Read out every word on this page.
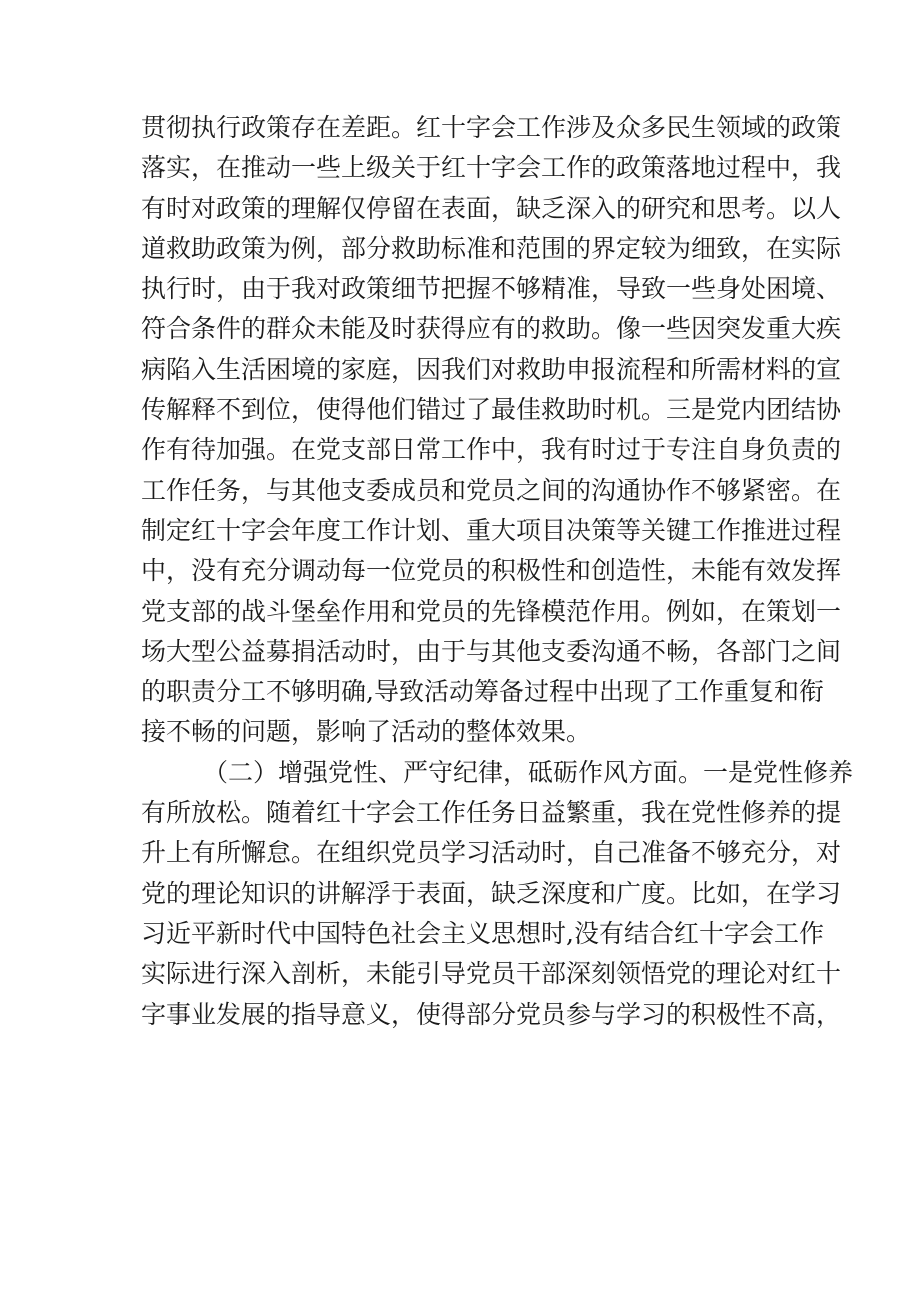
贯彻执行政策存在差距。红十字会工作涉及众多民生领域的政策
落实，在推动一些上级关于红十字会工作的政策落地过程中，我
有时对政策的理解仅停留在表面，缺乏深入的研究和思考。以人
道救助政策为例，部分救助标准和范围的界定较为细致，在实际
执行时，由于我对政策细节把握不够精准，导致一些身处困境、
符合条件的群众未能及时获得应有的救助。像一些因突发重大疾
病陷入生活困境的家庭，因我们对救助申报流程和所需材料的宣
传解释不到位，使得他们错过了最佳救助时机。三是党内团结协
作有待加强。在党支部日常工作中，我有时过于专注自身负责的
工作任务，与其他支委成员和党员之间的沟通协作不够紧密。在
制定红十字会年度工作计划、重大项目决策等关键工作推进过程
中，没有充分调动每一位党员的积极性和创造性，未能有效发挥
党支部的战斗堡垒作用和党员的先锋模范作用。例如，在策划一
场大型公益募捐活动时，由于与其他支委沟通不畅，各部门之间
的职责分工不够明确,导致活动筹备过程中出现了工作重复和衔
接不畅的问题，影响了活动的整体效果。
（二）增强党性、严守纪律，砥砺作风方面。一是党性修养
有所放松。随着红十字会工作任务日益繁重，我在党性修养的提
升上有所懈怠。在组织党员学习活动时，自己准备不够充分，对
党的理论知识的讲解浮于表面，缺乏深度和广度。比如，在学习
习近平新时代中国特色社会主义思想时,没有结合红十字会工作
实际进行深入剖析，未能引导党员干部深刻领悟党的理论对红十
字事业发展的指导意义，使得部分党员参与学习的积极性不高，
